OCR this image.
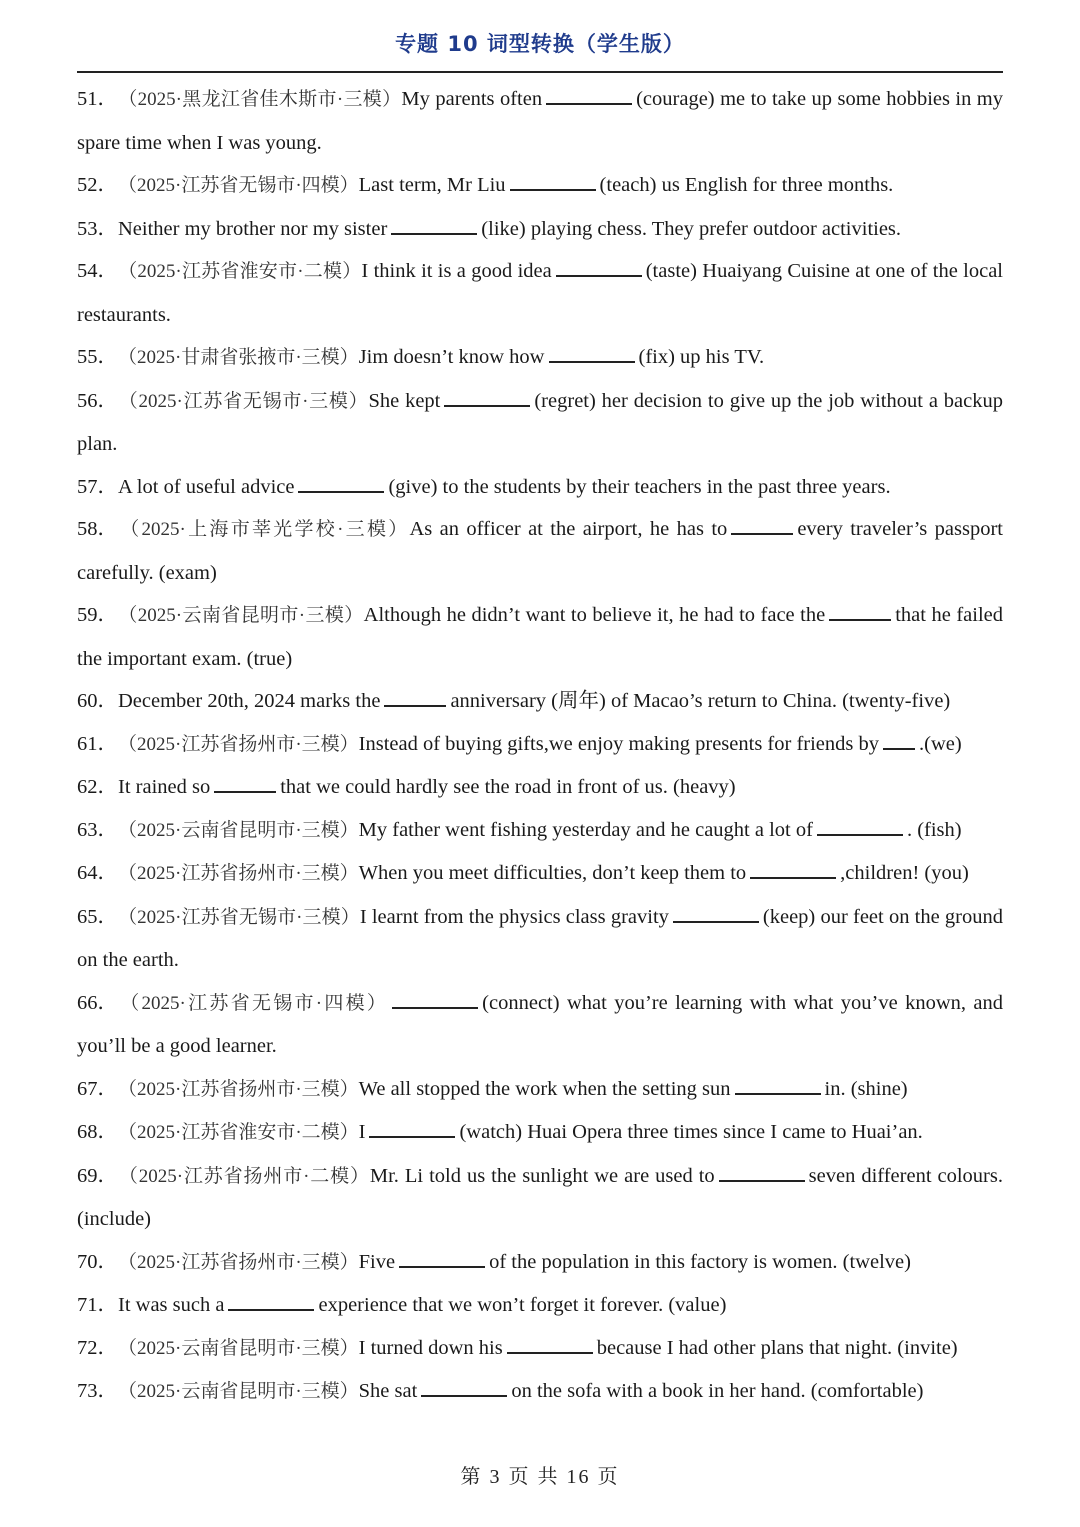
专题 10 词型转换（学生版）
51．（2025·黑龙江省佳木斯市·三模）My parents often	(courage) me to take up some hobbies in my spare time when I was young.
52．（2025·江苏省无锡市·四模）Last term, Mr Liu	(teach) us English for three months.
53．Neither my brother nor my sister	(like) playing chess. They prefer outdoor activities.
54．（2025·江苏省淮安市·二模）I think it is a good idea	(taste) Huaiyang Cuisine at one of the local restaurants.
55．（2025·甘肃省张掖市·三模）Jim doesn’t know how	(fix) up his TV.
56．（2025·江苏省无锡市·三模）She kept	(regret) her decision to give up the job without a backup plan.
57．A lot of useful advice	(give) to the students by their teachers in the past three years.
58．（2025·上海市莘光学校·三模）As an officer at the airport, he has to	every traveler’s passport carefully. (exam)
59．（2025·云南省昆明市·三模）Although he didn’t want to believe it, he had to face the	that he failed the important exam. (true)
60．December 20th, 2024 marks the	anniversary (周年) of Macao’s return to China. (twenty-five)
61．（2025·江苏省扬州市·三模）Instead of buying gifts,we enjoy making presents for friends by .(we)
62．It rained so	that we could hardly see the road in front of us. (heavy)
63．（2025·云南省昆明市·三模）My father went fishing yesterday and he caught a lot of	. (fish)
64．（2025·江苏省扬州市·三模）When you meet difficulties, don’t keep them to	,children! (you)
65．（2025·江苏省无锡市·三模）I learnt from the physics class gravity	(keep) our feet on the ground on the earth.
66．（2025·江苏省无锡市·四模）	(connect) what you’re learning with what you’ve known, and you’ll be a good learner.
67．（2025·江苏省扬州市·三模）We all stopped the work when the setting sun	in. (shine)
68．（2025·江苏省淮安市·二模）I	(watch) Huai Opera three times since I came to Huai’an.
69．（2025·江苏省扬州市·二模）Mr. Li told us the sunlight we are used to	seven different colours. (include)
70．（2025·江苏省扬州市·三模）Five	of the population in this factory is women. (twelve)
71．It was such a	experience that we won’t forget it forever. (value)
72．（2025·云南省昆明市·三模）I turned down his	because I had other plans that night. (invite)
73．（2025·云南省昆明市·三模）She sat	on the sofa with a book in her hand. (comfortable)
第 3 页 共 16 页
